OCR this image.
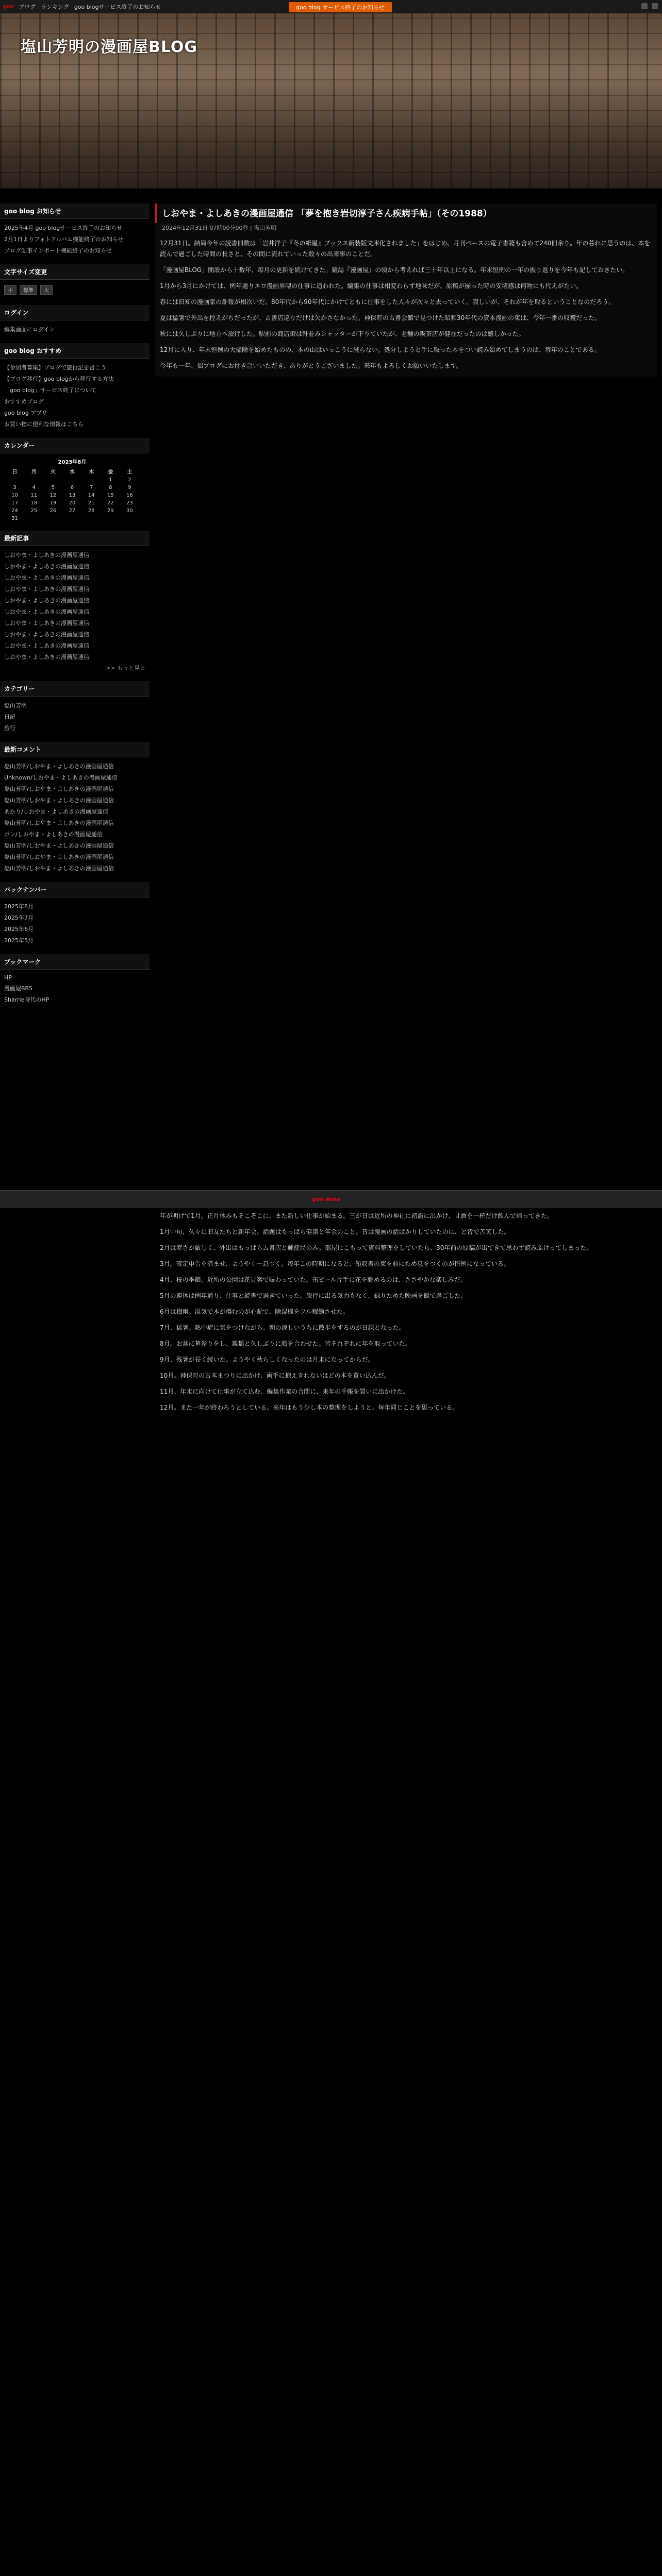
goo ブログ ランキング goo blogサービス終了のお知らせ	goo blog サービス終了のお知らせ
塩山芳明の漫画屋BLOG
goo blog お知らせ
2025年4月 goo blogサービス終了のお知らせ
2月1日よりフォトアルバム機能終了のお知らせ
ブログ記事インポート機能終了のお知らせ
文字サイズ変更
小	標準	大
ログイン
編集画面にログイン
goo blog おすすめ
【参加者募集】ブログで旅行記を書こう
【ブログ移行】goo blogから移行する方法
「goo blog」サービス終了について
おすすめブログ
goo blog アプリ
お買い物に便利な情報はこちら
カレンダー
2025年8月						
日	月	火	水	木	金	土
					1	2
3	4	5	6	7	8	9
10	11	12	13	14	15	16
17	18	19	20	21	22	23
24	25	26	27	28	29	30
31						
最新記事
しおやま・よしあきの漫画屋通信
しおやま・よしあきの漫画屋通信
しおやま・よしあきの漫画屋通信
しおやま・よしあきの漫画屋通信
しおやま・よしあきの漫画屋通信
しおやま・よしあきの漫画屋通信
しおやま・よしあきの漫画屋通信
しおやま・よしあきの漫画屋通信
しおやま・よしあきの漫画屋通信
しおやま・よしあきの漫画屋通信
>> もっと見る
カテゴリー
塩山芳明
日記
旅行
最新コメント
塩山芳明/しおやま・よしあきの漫画屋通信
Unknown/しおやま・よしあきの漫画屋通信
塩山芳明/しおやま・よしあきの漫画屋通信
塩山芳明/しおやま・よしあきの漫画屋通信
あかり/しおやま・よしあきの漫画屋通信
塩山芳明/しおやま・よしあきの漫画屋通信
ポン/しおやま・よしあきの漫画屋通信
塩山芳明/しおやま・よしあきの漫画屋通信
塩山芳明/しおやま・よしあきの漫画屋通信
塩山芳明/しおやま・よしあきの漫画屋通信
バックナンバー
2025年8月
2025年7月
2025年6月
2025年5月
ブックマーク
HP
漫画屋BBS
Sharrie時代のHP
しおやま・よしあきの漫画屋通信 「夢を抱き岩切淳子さん疾病手帖」（その1988）
2024年12月31日 07時00分00秒 | 塩山芳明

12月31日。結局今年の読書冊数は「岩井洋子『冬の紙屋』ブックス新装版文庫化されました」をはじめ、月刊ペースの電子書籍も含めて240冊余り。年の暮れに思うのは、本を読んで過ごした時間の長さと、その間に流れていった数々の出来事のことだ。

「漫画屋BLOG」開設から十数年、毎月の更新を続けてきた。雑誌『漫画屋』の頃から考えれば三十年以上になる。年末恒例の一年の振り返りを今年も記しておきたい。

1月から3月にかけては、例年通りエロ漫画界隈の仕事に追われた。編集の仕事は相変わらず地味だが、原稿が揃った時の安堵感は何物にも代えがたい。

春には旧知の漫画家の訃報が相次いだ。80年代から90年代にかけてともに仕事をした人々が次々と去っていく。寂しいが、それが年を取るということなのだろう。

夏は猛暑で外出を控えがちだったが、古書店巡りだけは欠かさなかった。神保町の古書会館で見つけた昭和30年代の貸本漫画の束は、今年一番の収穫だった。

秋には久しぶりに地方へ旅行した。駅前の商店街は軒並みシャッターが下りていたが、老舗の喫茶店が健在だったのは嬉しかった。

12月に入り、年末恒例の大掃除を始めたものの、本の山はいっこうに減らない。処分しようと手に取った本をつい読み始めてしまうのは、毎年のことである。

今年も一年、拙ブログにお付き合いいただき、ありがとうございました。来年もよろしくお願いいたします。

goo Area

年が明けて1月。正月休みもそこそこに、また新しい仕事が始まる。三が日は近所の神社に初詣に出かけ、甘酒を一杯だけ飲んで帰ってきた。

1月中旬、久々に旧友たちと新年会。話題はもっぱら健康と年金のこと。昔は漫画の話ばかりしていたのに、と皆で苦笑した。

2月は寒さが厳しく、外出はもっぱら古書店と郵便局のみ。部屋にこもって資料整理をしていたら、30年前の原稿が出てきて思わず読みふけってしまった。

3月。確定申告を済ませ、ようやく一息つく。毎年この時期になると、領収書の束を前にため息をつくのが恒例になっている。

4月、桜の季節。近所の公園は花見客で賑わっていた。缶ビール片手に花を眺めるのは、ささやかな楽しみだ。

5月の連休は例年通り、仕事と読書で過ぎていった。旅行に出る気力もなく、録りためた映画を観て過ごした。

6月は梅雨。湿気で本が傷むのが心配で、除湿機をフル稼働させた。

7月、猛暑。熱中症に気をつけながら、朝の涼しいうちに散歩をするのが日課となった。

8月。お盆に墓参りをし、親類と久しぶりに顔を合わせた。皆それぞれに年を取っていた。

9月、残暑が長く続いた。ようやく秋らしくなったのは月末になってからだ。

10月。神保町の古本まつりに出かけ、両手に抱えきれないほどの本を買い込んだ。

11月、年末に向けて仕事が立て込む。編集作業の合間に、来年の手帳を買いに出かけた。

12月。また一年が終わろうとしている。来年はもう少し本の整理をしようと、毎年同じことを思っている。
